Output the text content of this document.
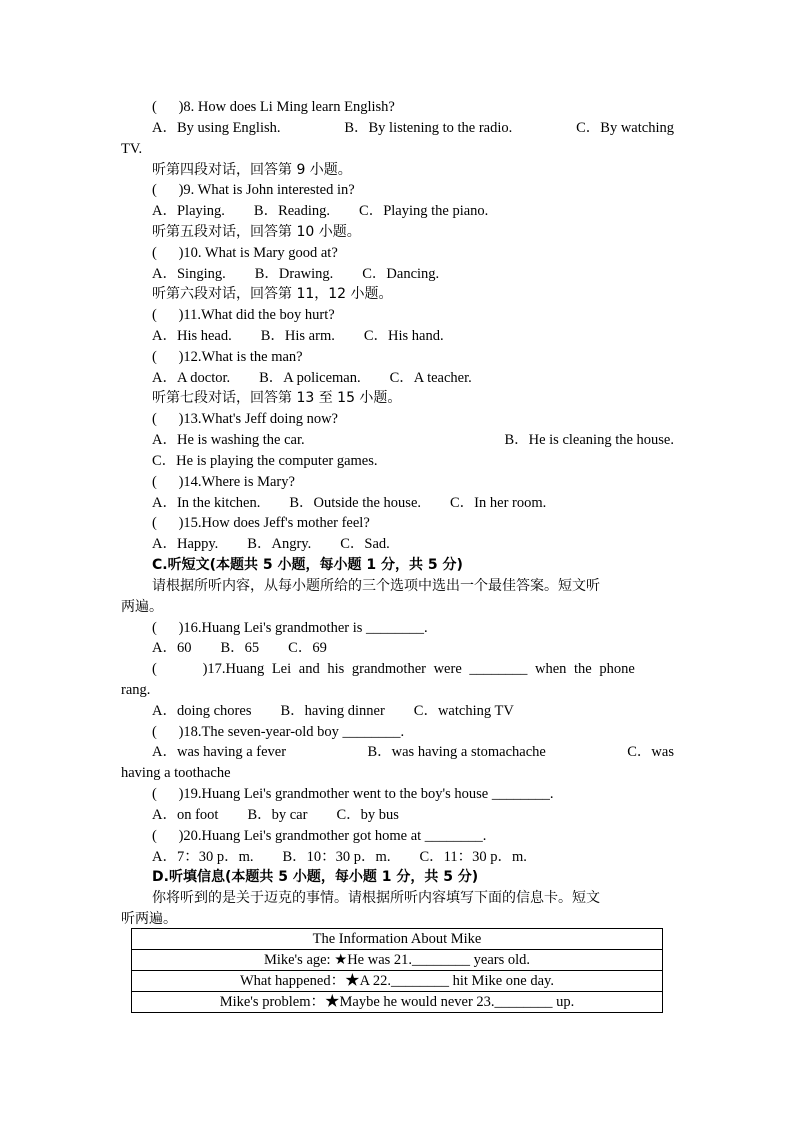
(      )8. How does Li Ming learn English?
A．By using English.	B．By listening to the radio.	C．By watching
TV.
听第四段对话，回答第 9 小题。
(      )9. What is John interested in?
A．Playing.        B．Reading.        C．Playing the piano.
听第五段对话，回答第 10 小题。
(      )10. What is Mary good at?
A．Singing.        B．Drawing.        C．Dancing.
听第六段对话，回答第 11，12 小题。
(      )11.What did the boy hurt?
A．His head.        B．His arm.        C．His hand.
(      )12.What is the man?
A．A doctor.        B．A policeman.        C．A teacher.
听第七段对话，回答第 13 至 15 小题。
(      )13.What's Jeff doing now?
A．He is washing the car.	B．He is cleaning the house.
C．He is playing the computer games.
(      )14.Where is Mary?
A．In the kitchen.        B．Outside the house.        C．In her room.
(      )15.How does Jeff's mother feel?
A．Happy.        B．Angry.        C．Sad.
C.听短文(本题共 5 小题，每小题 1 分，共 5 分)
请根据所听内容，从每小题所给的三个选项中选出一个最佳答案。短文听
两遍。
(      )16.Huang Lei's grandmother is ________.
A．60        B．65        C．69
(      )17.Huang Lei and his grandmother were ________ when the phone
rang.
A．doing chores        B．having dinner        C．watching TV
(      )18.The seven-year-old boy ________.
A．was having a fever	B．was having a stomachache	C．was
having a toothache
(      )19.Huang Lei's grandmother went to the boy's house ________.
A．on foot        B．by car        C．by bus
(      )20.Huang Lei's grandmother got home at ________.
A．7：30 p．m.        B．10：30 p．m.        C．11：30 p．m.
D.听填信息(本题共 5 小题，每小题 1 分，共 5 分)
你将听到的是关于迈克的事情。请根据所听内容填写下面的信息卡。短文
听两遍。
The Information About Mike
Mike's age: ★He was 21.________ years old.
What happened：★A 22.________ hit Mike one day.
Mike's problem：★Maybe he would never 23.________ up.
